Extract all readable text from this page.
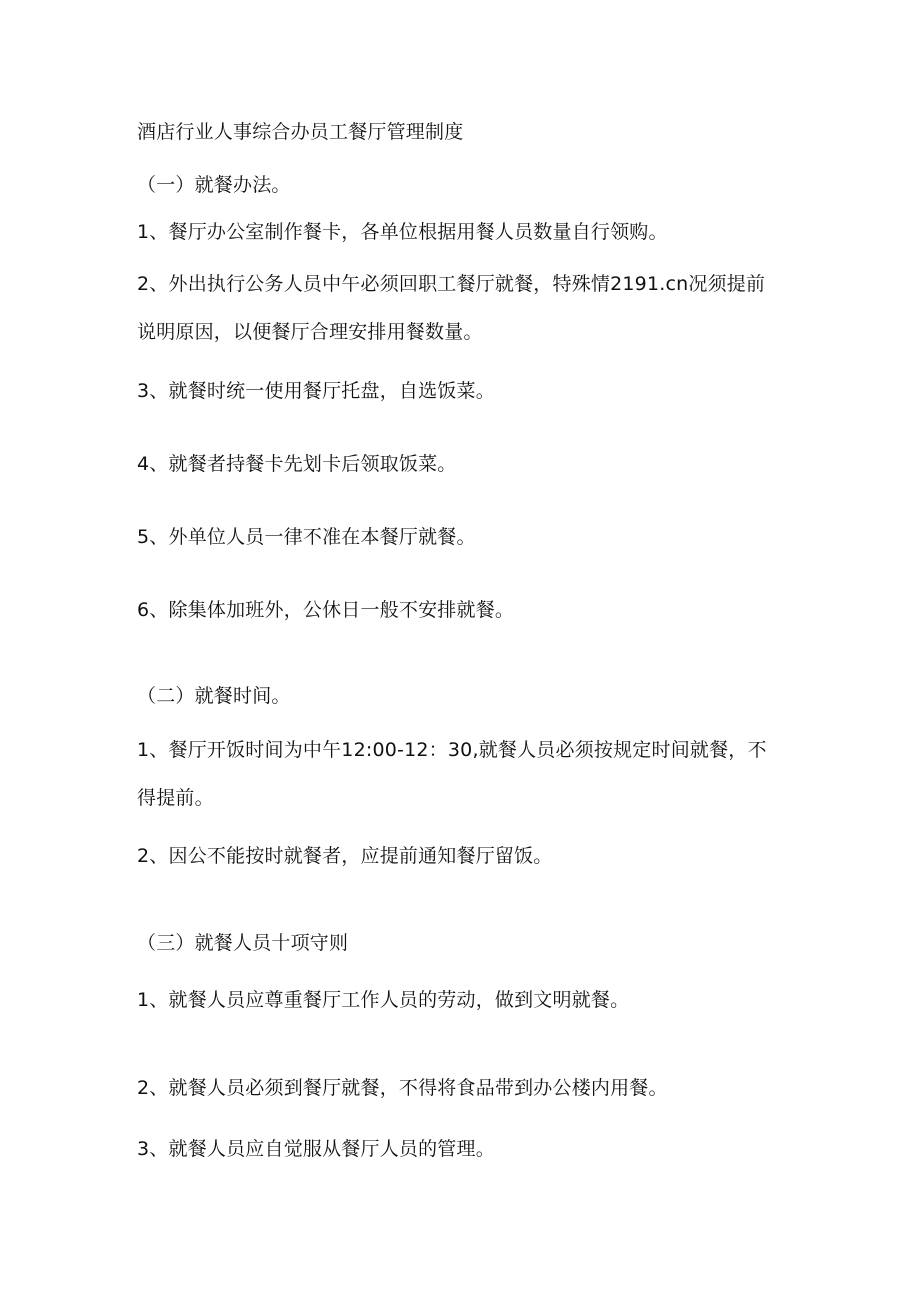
酒店行业人事综合办员工餐厅管理制度
（一）就餐办法。
1、餐厅办公室制作餐卡，各单位根据用餐人员数量自行领购。
2、外出执行公务人员中午必须回职工餐厅就餐，特殊情2191.cn况须提前
说明原因，以便餐厅合理安排用餐数量。
3、就餐时统一使用餐厅托盘，自选饭菜。
4、就餐者持餐卡先划卡后领取饭菜。
5、外单位人员一律不准在本餐厅就餐。
6、除集体加班外，公休日一般不安排就餐。
（二）就餐时间。
1、餐厅开饭时间为中午12:00-12：30,就餐人员必须按规定时间就餐，不
得提前。
2、因公不能按时就餐者，应提前通知餐厅留饭。
（三）就餐人员十项守则
1、就餐人员应尊重餐厅工作人员的劳动，做到文明就餐。
2、就餐人员必须到餐厅就餐，不得将食品带到办公楼内用餐。
3、就餐人员应自觉服从餐厅人员的管理。
